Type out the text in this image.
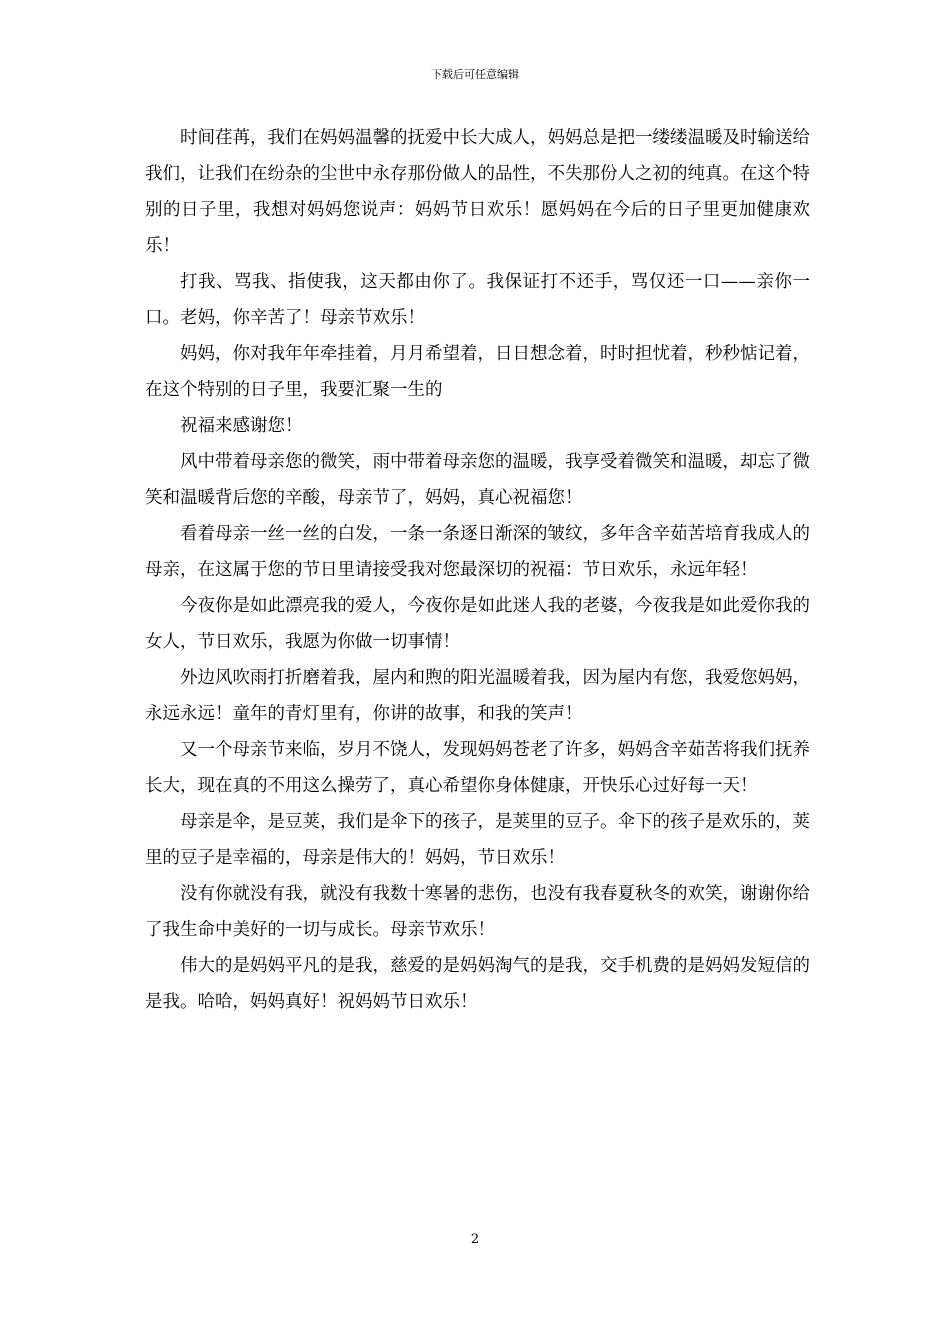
下载后可任意编辑

时间荏苒，我们在妈妈温馨的抚爱中长大成人，妈妈总是把一缕缕温暖及时输送给我们，让我们在纷杂的尘世中永存那份做人的品性，不失那份人之初的纯真。在这个特别的日子里，我想对妈妈您说声：妈妈节日欢乐！愿妈妈在今后的日子里更加健康欢乐！

打我、骂我、指使我，这天都由你了。我保证打不还手，骂仅还一口——亲你一口。老妈，你辛苦了！母亲节欢乐！

妈妈，你对我年年牵挂着，月月希望着，日日想念着，时时担忧着，秒秒惦记着，在这个特别的日子里，我要汇聚一生的

祝福来感谢您！

风中带着母亲您的微笑，雨中带着母亲您的温暖，我享受着微笑和温暖，却忘了微笑和温暖背后您的辛酸，母亲节了，妈妈，真心祝福您！

看着母亲一丝一丝的白发，一条一条逐日渐深的皱纹，多年含辛茹苦培育我成人的母亲，在这属于您的节日里请接受我对您最深切的祝福：节日欢乐，永远年轻！

今夜你是如此漂亮我的爱人，今夜你是如此迷人我的老婆，今夜我是如此爱你我的女人，节日欢乐，我愿为你做一切事情！

外边风吹雨打折磨着我，屋内和煦的阳光温暖着我，因为屋内有您，我爱您妈妈，永远永远！童年的青灯里有，你讲的故事，和我的笑声！

又一个母亲节来临，岁月不饶人，发现妈妈苍老了许多，妈妈含辛茹苦将我们抚养长大，现在真的不用这么操劳了，真心希望你身体健康，开快乐心过好每一天！

母亲是伞，是豆荚，我们是伞下的孩子，是荚里的豆子。伞下的孩子是欢乐的，荚里的豆子是幸福的，母亲是伟大的！妈妈，节日欢乐！

没有你就没有我，就没有我数十寒暑的悲伤，也没有我春夏秋冬的欢笑，谢谢你给了我生命中美好的一切与成长。母亲节欢乐！

伟大的是妈妈平凡的是我，慈爱的是妈妈淘气的是我，交手机费的是妈妈发短信的是我。哈哈，妈妈真好！祝妈妈节日欢乐！

2
